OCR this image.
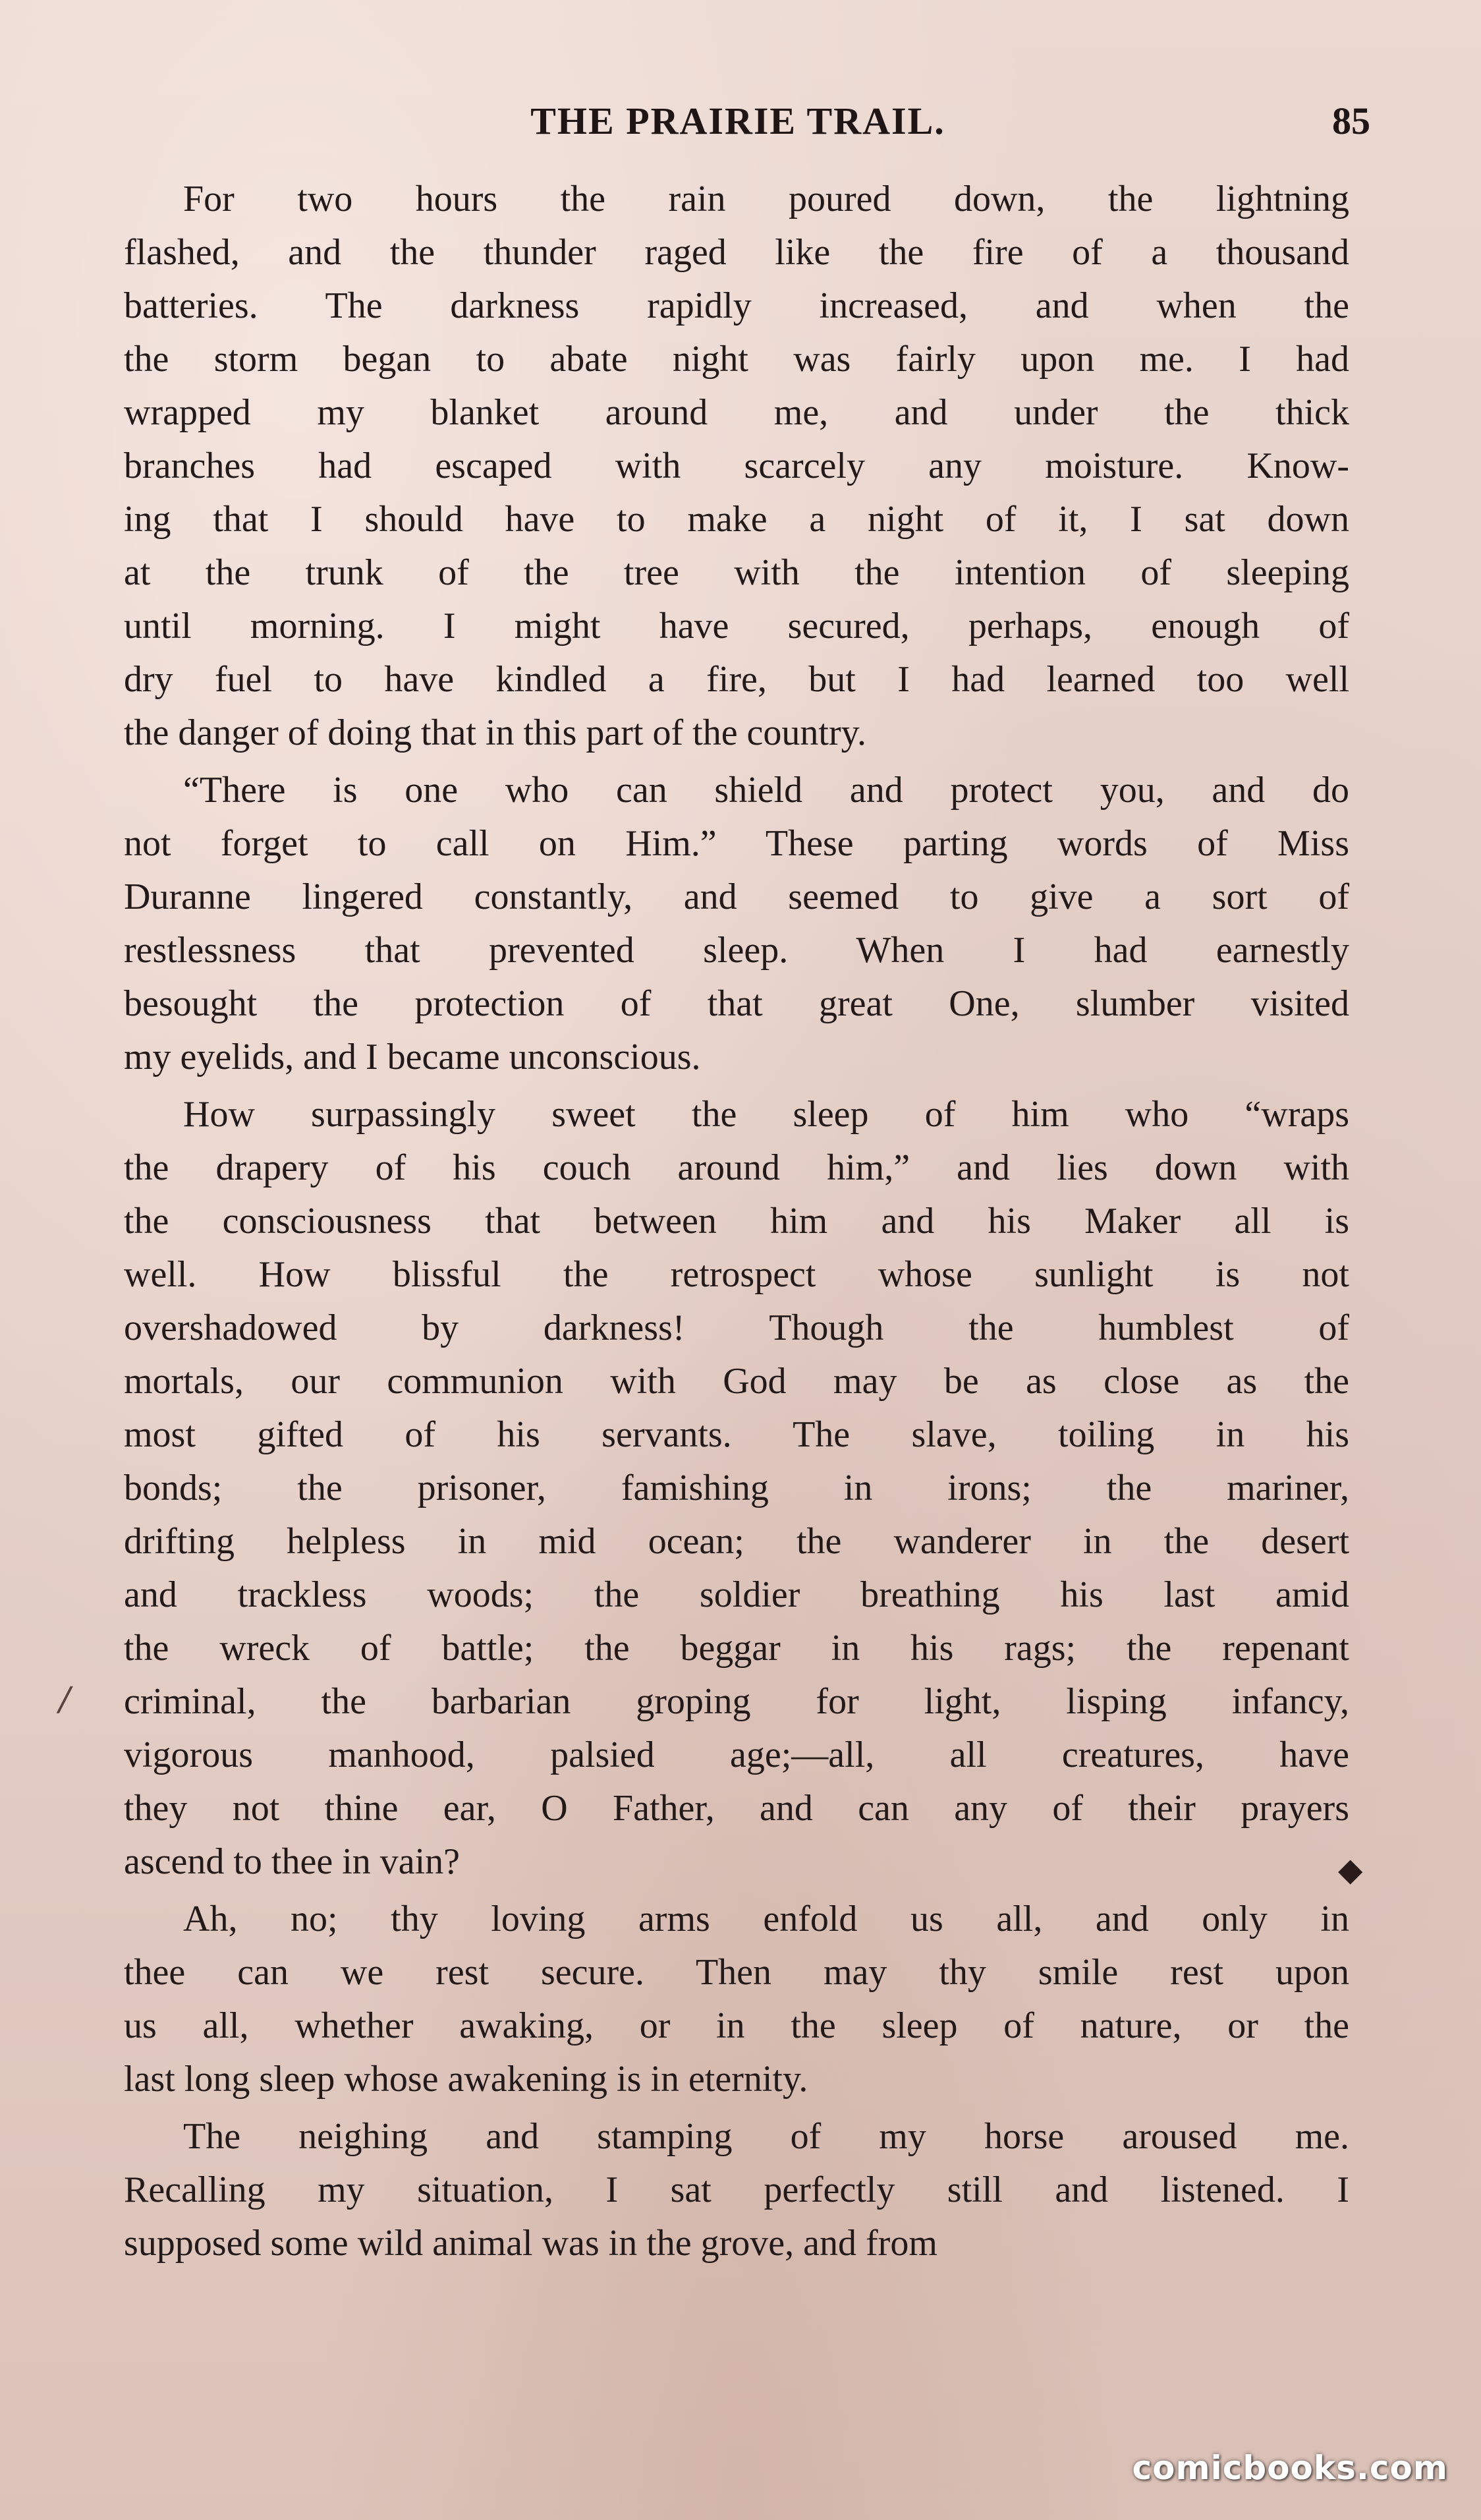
THE PRAIRIE TRAIL.	85
For two hours the rain poured down, the lightning
flashed, and the thunder raged like the fire of a thousand
batteries. The darkness rapidly increased, and when the
the storm began to abate night was fairly upon me. I had
wrapped my blanket around me, and under the thick
branches had escaped with scarcely any moisture. Know-
ing that I should have to make a night of it, I sat down
at the trunk of the tree with the intention of sleeping
until morning. I might have secured, perhaps, enough of
dry fuel to have kindled a fire, but I had learned too well
the danger of doing that in this part of the country.
“There is one who can shield and protect you, and do
not forget to call on Him.” These parting words of Miss
Duranne lingered constantly, and seemed to give a sort of
restlessness that prevented sleep. When I had earnestly
besought the protection of that great One, slumber visited
my eyelids, and I became unconscious.
How surpassingly sweet the sleep of him who “wraps
the drapery of his couch around him,” and lies down with
the consciousness that between him and his Maker all is
well. How blissful the retrospect whose sunlight is not
overshadowed by darkness! Though the humblest of
mortals, our communion with God may be as close as the
most gifted of his servants. The slave, toiling in his
bonds; the prisoner, famishing in irons; the mariner,
drifting helpless in mid ocean; the wanderer in the desert
and trackless woods; the soldier breathing his last amid
the wreck of battle; the beggar in his rags; the repenant
criminal, the barbarian groping for light, lisping infancy,
vigorous manhood, palsied age;—all, all creatures, have
they not thine ear, O Father, and can any of their prayers
ascend to thee in vain?
Ah, no; thy loving arms enfold us all, and only in
thee can we rest secure. Then may thy smile rest upon
us all, whether awaking, or in the sleep of nature, or the
last long sleep whose awakening is in eternity.
The neighing and stamping of my horse aroused me.
Recalling my situation, I sat perfectly still and listened. I
supposed some wild animal was in the grove, and from
◆
╱
comicbooks.com
